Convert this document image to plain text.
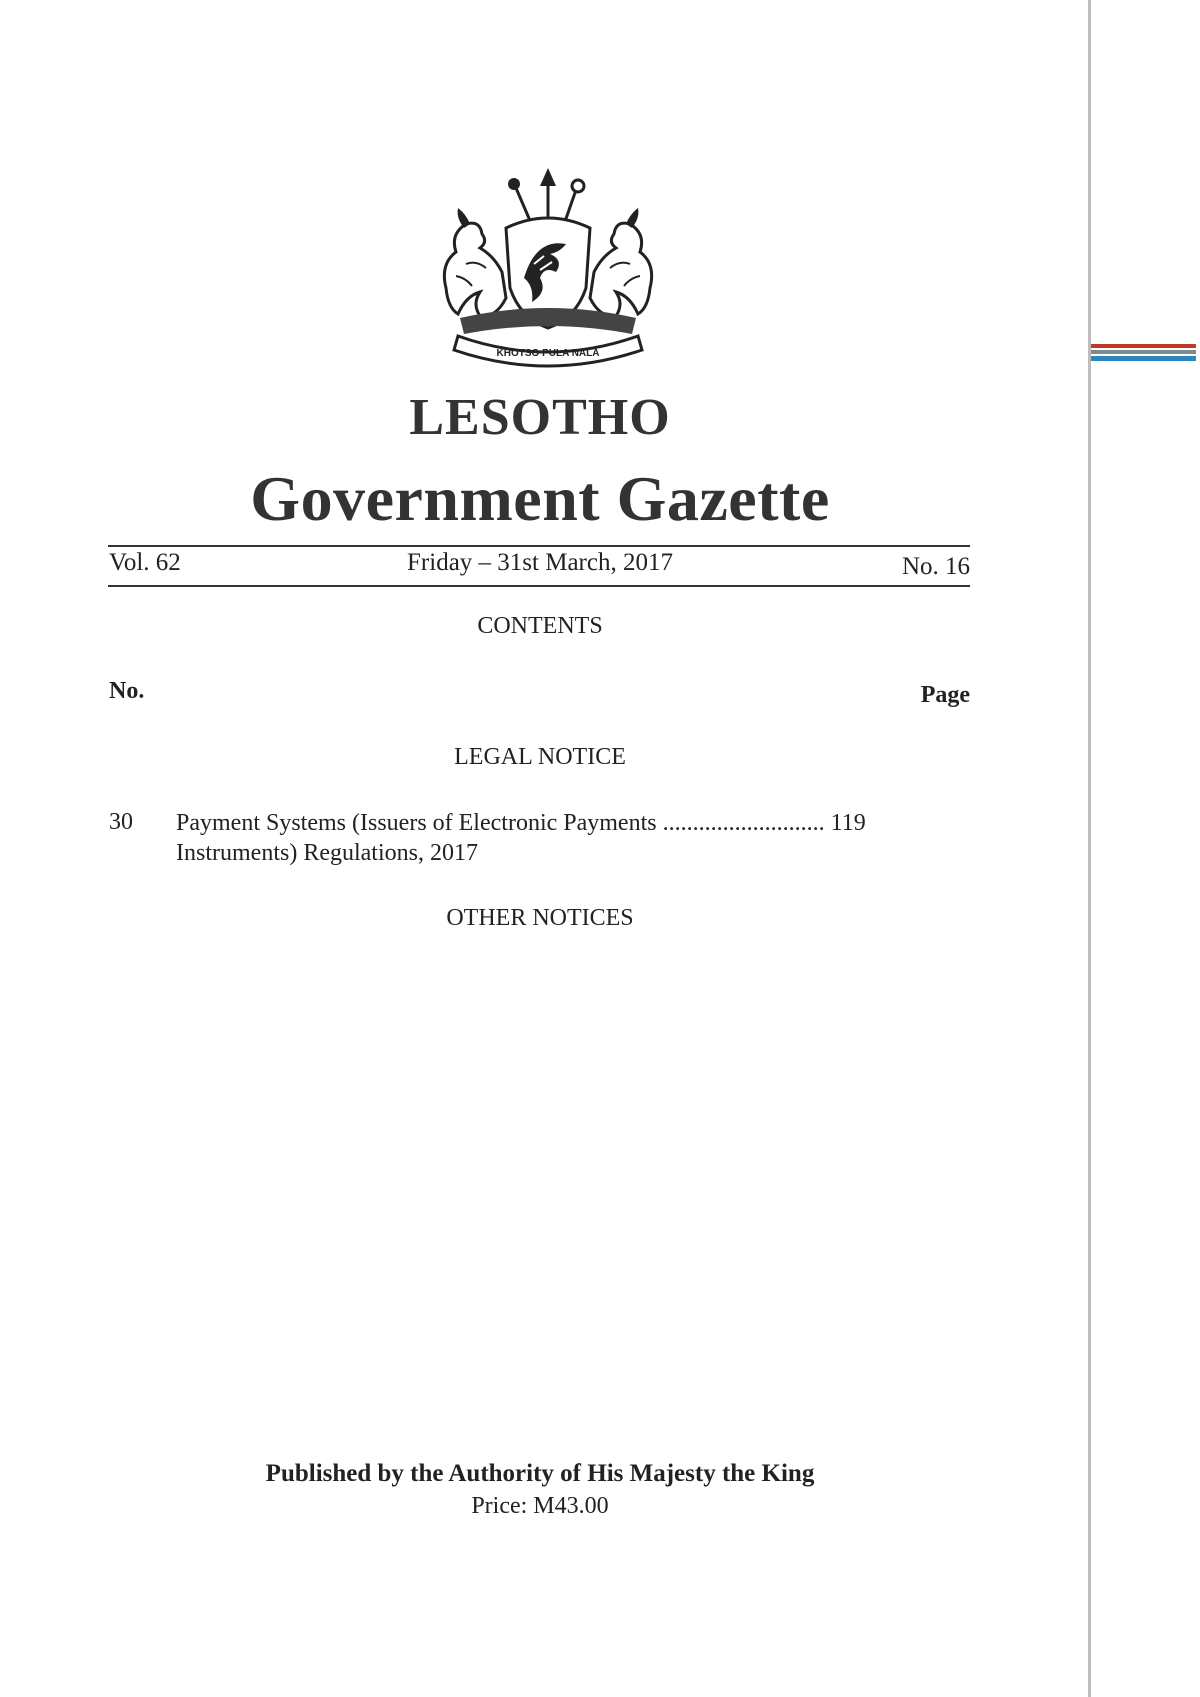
KHOTSO PULA NALA
LESOTHO
Government Gazette
Vol. 62	Friday – 31st March, 2017	No. 16
CONTENTS
No.	Page
LEGAL NOTICE
30 Payment Systems (Issuers of Electronic Payments ........................... 119
Instruments) Regulations, 2017
OTHER NOTICES
Published by the Authority of His Majesty the King
Price: M43.00
